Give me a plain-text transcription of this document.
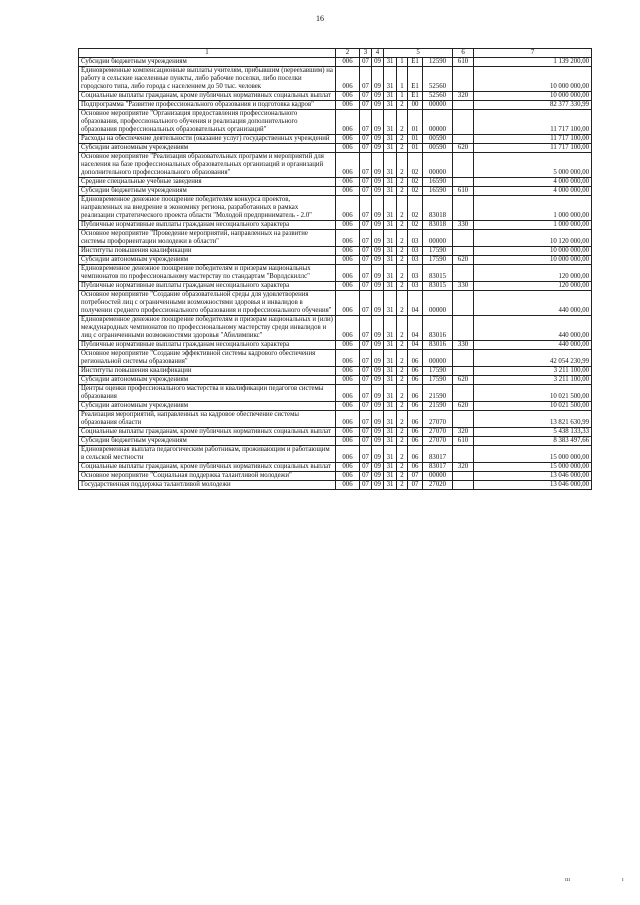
16
1	2	3	4	5				6	7
Субсидии бюджетным учреждениям	006	07	09	31	1	Е1	12590	610	1 139 200,00
Единовременные компенсационные выплаты учителям, прибывшим (переехавшим) на работу в сельские населенные пункты, либо рабочие поселки, либо поселки городского типа, либо города с населением до 50 тыс. человек	006	07	09	31	1	Е1	52560		10 000 000,00
Социальные выплаты гражданам, кроме публичных нормативных социальных выплат	006	07	09	31	1	Е1	52560	320	10 000 000,00
Подпрограмма "Развитие профессионального образования и подготовка кадров"	006	07	09	31	2	00	00000		82 377 330,99
Основное мероприятие "Организация предоставления профессионального образования, профессионального обучения и реализация дополнительного образования профессиональных образовательных организаций"	006	07	09	31	2	01	00000		11 717 100,00
Расходы на обеспечение деятельности (оказание услуг) государственных учреждений	006	07	09	31	2	01	00590		11 717 100,00
Субсидии автономным учреждениям	006	07	09	31	2	01	00590	620	11 717 100,00
Основное мероприятие "Реализация образовательных программ и мероприятий для населения на базе профессиональных образовательных организаций и организаций дополнительного профессионального образования"	006	07	09	31	2	02	00000		5 000 000,00
Средние специальные учебные заведения	006	07	09	31	2	02	16590		4 000 000,00
Субсидии бюджетным учреждениям	006	07	09	31	2	02	16590	610	4 000 000,00
Единовременное денежное поощрение победителям конкурса проектов, направленных на внедрение в экономику региона, разработанных в рамках реализации стратегического проекта области "Молодой предприниматель - 2.0"	006	07	09	31	2	02	83018		1 000 000,00
Публичные нормативные выплаты гражданам несоциального характера	006	07	09	31	2	02	83018	330	1 000 000,00
Основное мероприятие "Проведение мероприятий, направленных на развитие системы профориентации молодежи в области"	006	07	09	31	2	03	00000		10 120 000,00
Институты повышения квалификации	006	07	09	31	2	03	17590		10 000 000,00
Субсидии автономным учреждениям	006	07	09	31	2	03	17590	620	10 000 000,00
Единовременное денежное поощрение победителям и призерам национальных чемпионатов по профессиональному мастерству по стандартам "Ворлдскиллс"	006	07	09	31	2	03	83015		120 000,00
Публичные нормативные выплаты гражданам несоциального характера	006	07	09	31	2	03	83015	330	120 000,00
Основное мероприятие "Создание образовательной среды для удовлетворения потребностей лиц с ограниченными возможностями здоровья и инвалидов в получении среднего профессионального образования и профессионального обучения"	006	07	09	31	2	04	00000		440 000,00
Единовременное денежное поощрение победителям и призерам национальных и (или) международных чемпионатов по профессиональному мастерству среди инвалидов и лиц с ограниченными возможностями здоровья "Абилимпикс"	006	07	09	31	2	04	83016		440 000,00
Публичные нормативные выплаты гражданам несоциального характера	006	07	09	31	2	04	83016	330	440 000,00
Основное мероприятие "Создание эффективной системы кадрового обеспечения региональной системы образования"	006	07	09	31	2	06	00000		42 054 230,99
Институты повышения квалификации	006	07	09	31	2	06	17590		3 211 100,00
Субсидии автономным учреждениям	006	07	09	31	2	06	17590	620	3 211 100,00
Центры оценки профессионального мастерства и квалификации педагогов системы образования	006	07	09	31	2	06	21590		10 021 500,00
Субсидии автономным учреждениям	006	07	09	31	2	06	21590	620	10 021 500,00
Реализация мероприятий, направленных на кадровое обеспечение системы образования области	006	07	09	31	2	06	27070		13 821 630,99
Социальные выплаты гражданам, кроме публичных нормативных социальных выплат	006	07	09	31	2	06	27070	320	5 438 133,33
Субсидии бюджетным учреждениям	006	07	09	31	2	06	27070	610	8 383 497,66
Единовременная выплата педагогическим работникам, проживающим и работающим в сельской местности	006	07	09	31	2	06	83017		15 000 000,00
Социальные выплаты гражданам, кроме публичных нормативных социальных выплат	006	07	09	31	2	06	83017	320	15 000 000,00
Основное мероприятие "Социальная поддержка талантливой молодежи"	006	07	09	31	2	07	00000		13 046 000,00
Государственная поддержка талантливой молодежи	006	07	09	31	2	07	27020		13 046 000,00
ııı	ı
